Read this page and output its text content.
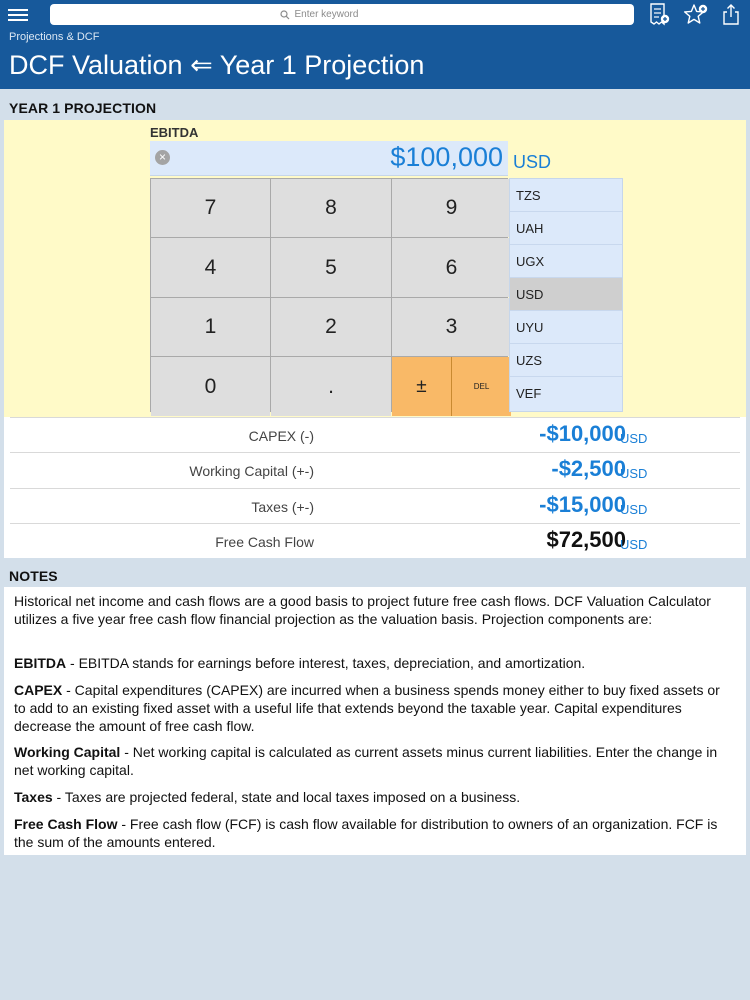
Enter keyword
Projections & DCF
DCF Valuation ⇐ Year 1 Projection
YEAR 1 PROJECTION
EBITDA
×	$100,000 USD
7	8	9
4	5	6
1	2	3
0	.	±	DEL
TZS
UAH
UGX
USD
UYU
UZS
VEF
CAPEX (-)	-$10,000
USD
Working Capital (+-)	-$2,500
USD
Taxes (+-)	-$15,000
USD
Free Cash Flow	$72,500
USD
NOTES

Historical net income and cash flows are a good basis to project future free cash flows. DCF Valuation Calculator utilizes a five year free cash flow financial projection as the valuation basis. Projection components are:

EBITDA - EBITDA stands for earnings before interest, taxes, depreciation, and amortization.

CAPEX - Capital expenditures (CAPEX) are incurred when a business spends money either to buy fixed assets or to add to an existing fixed asset with a useful life that extends beyond the taxable year. Capital expenditures decrease the amount of free cash flow.

Working Capital - Net working capital is calculated as current assets minus current liabilities. Enter the change in net working capital.

Taxes - Taxes are projected federal, state and local taxes imposed on a business.

Free Cash Flow - Free cash flow (FCF) is cash flow available for distribution to owners of an organization. FCF is the sum of the amounts entered.
